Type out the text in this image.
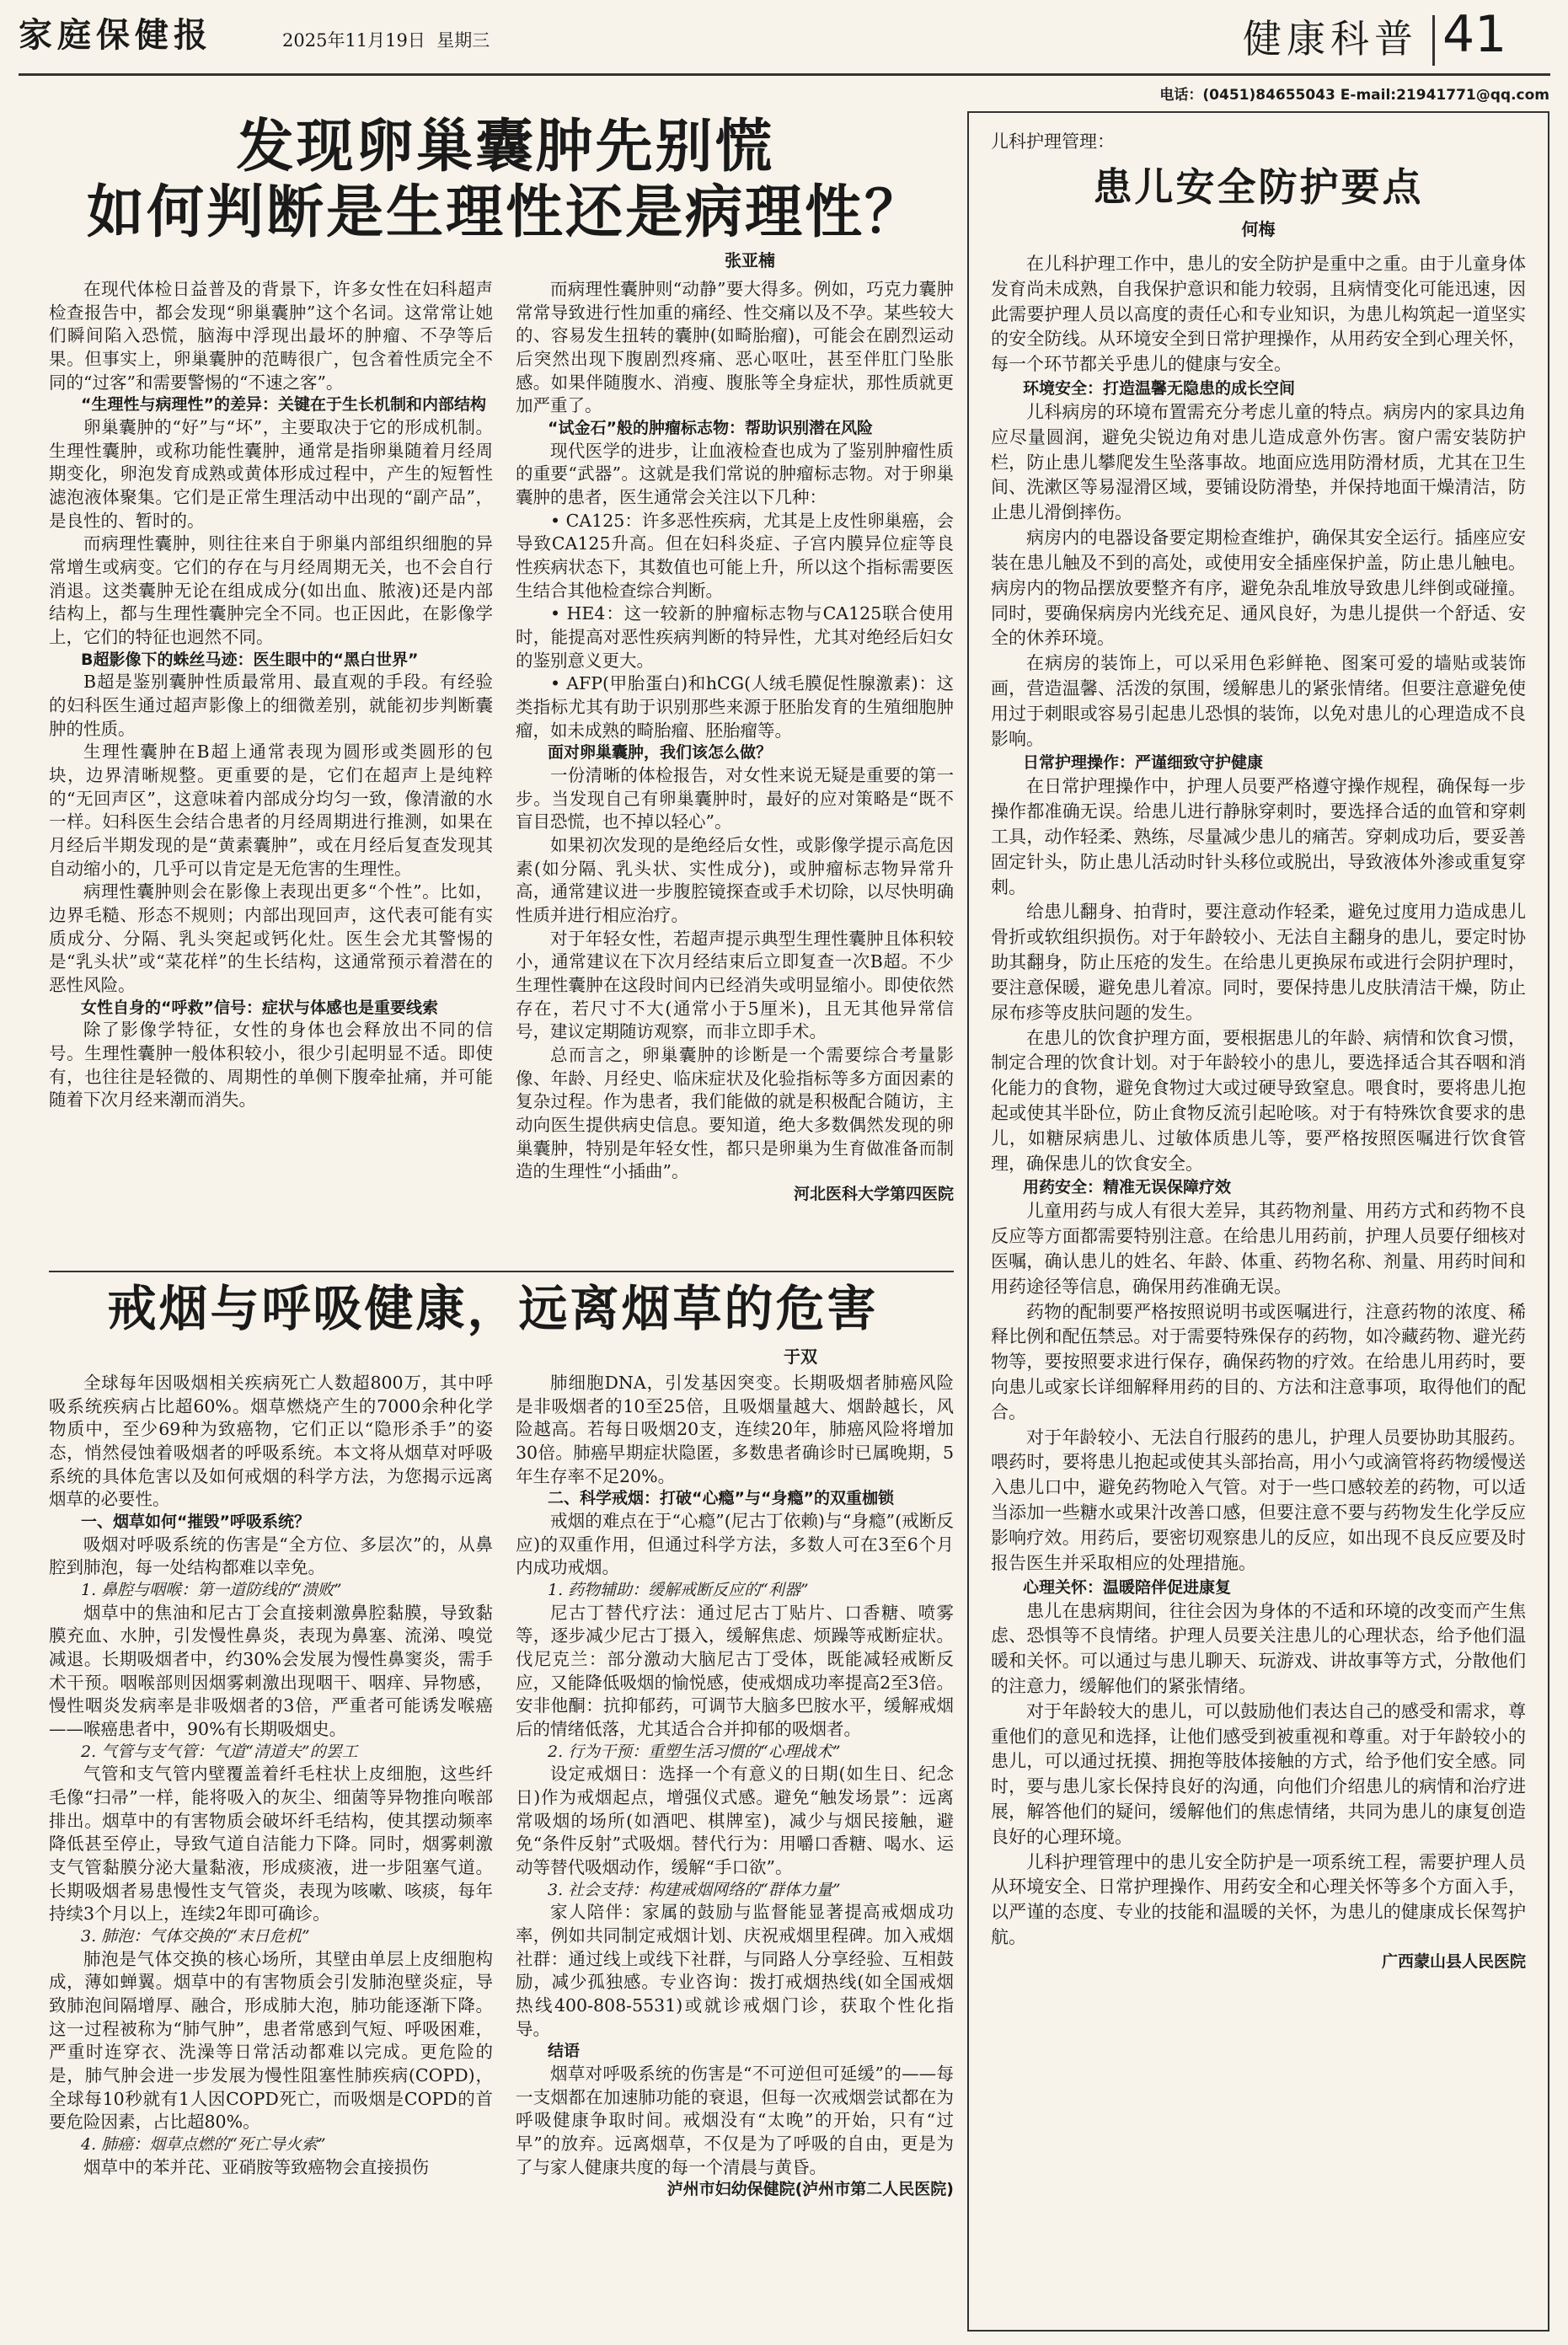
家庭保健报	2025年11月19日 星期三	健康科普 41
电话：(0451)84655043 E-mail:21941771@qq.com
发现卵巢囊肿先别慌
如何判断是生理性还是病理性？
张亚楠

在现代体检日益普及的背景下，许多女性在妇科超声检查报告中，都会发现“卵巢囊肿”这个名词。这常常让她们瞬间陷入恐慌，脑海中浮现出最坏的肿瘤、不孕等后果。但事实上，卵巢囊肿的范畴很广，包含着性质完全不同的“过客”和需要警惕的“不速之客”。

“生理性与病理性”的差异：关键在于生长机制和内部结构

卵巢囊肿的“好”与“坏”，主要取决于它的形成机制。生理性囊肿，或称功能性囊肿，通常是指卵巢随着月经周期变化，卵泡发育成熟或黄体形成过程中，产生的短暂性滤泡液体聚集。它们是正常生理活动中出现的“副产品”，是良性的、暂时的。

而病理性囊肿，则往往来自于卵巢内部组织细胞的异常增生或病变。它们的存在与月经周期无关，也不会自行消退。这类囊肿无论在组成成分(如出血、脓液)还是内部结构上，都与生理性囊肿完全不同。也正因此，在影像学上，它们的特征也迥然不同。

B超影像下的蛛丝马迹：医生眼中的“黑白世界”

B超是鉴别囊肿性质最常用、最直观的手段。有经验的妇科医生通过超声影像上的细微差别，就能初步判断囊肿的性质。

生理性囊肿在B超上通常表现为圆形或类圆形的包块，边界清晰规整。更重要的是，它们在超声上是纯粹的“无回声区”，这意味着内部成分均匀一致，像清澈的水一样。妇科医生会结合患者的月经周期进行推测，如果在月经后半期发现的是“黄素囊肿”，或在月经后复查发现其自动缩小的，几乎可以肯定是无危害的生理性。

病理性囊肿则会在影像上表现出更多“个性”。比如，边界毛糙、形态不规则；内部出现回声，这代表可能有实质成分、分隔、乳头突起或钙化灶。医生会尤其警惕的是“乳头状”或“菜花样”的生长结构，这通常预示着潜在的恶性风险。

女性自身的“呼救”信号：症状与体感也是重要线索

除了影像学特征，女性的身体也会释放出不同的信号。生理性囊肿一般体积较小，很少引起明显不适。即使有，也往往是轻微的、周期性的单侧下腹牵扯痛，并可能随着下次月经来潮而消失。

而病理性囊肿则“动静”要大得多。例如，巧克力囊肿常常导致进行性加重的痛经、性交痛以及不孕。某些较大的、容易发生扭转的囊肿(如畸胎瘤)，可能会在剧烈运动后突然出现下腹剧烈疼痛、恶心呕吐，甚至伴肛门坠胀感。如果伴随腹水、消瘦、腹胀等全身症状，那性质就更加严重了。

“试金石”般的肿瘤标志物：帮助识别潜在风险

现代医学的进步，让血液检查也成为了鉴别肿瘤性质的重要“武器”。这就是我们常说的肿瘤标志物。对于卵巢囊肿的患者，医生通常会关注以下几种：

• CA125：许多恶性疾病，尤其是上皮性卵巢癌，会导致CA125升高。但在妇科炎症、子宫内膜异位症等良性疾病状态下，其数值也可能上升，所以这个指标需要医生结合其他检查综合判断。

• HE4：这一较新的肿瘤标志物与CA125联合使用时，能提高对恶性疾病判断的特异性，尤其对绝经后妇女的鉴别意义更大。

• AFP(甲胎蛋白)和hCG(人绒毛膜促性腺激素)：这类指标尤其有助于识别那些来源于胚胎发育的生殖细胞肿瘤，如未成熟的畸胎瘤、胚胎瘤等。

面对卵巢囊肿，我们该怎么做？

一份清晰的体检报告，对女性来说无疑是重要的第一步。当发现自己有卵巢囊肿时，最好的应对策略是“既不盲目恐慌，也不掉以轻心”。

如果初次发现的是绝经后女性，或影像学提示高危因素(如分隔、乳头状、实性成分)，或肿瘤标志物异常升高，通常建议进一步腹腔镜探查或手术切除，以尽快明确性质并进行相应治疗。

对于年轻女性，若超声提示典型生理性囊肿且体积较小，通常建议在下次月经结束后立即复查一次B超。不少生理性囊肿在这段时间内已经消失或明显缩小。即使依然存在，若尺寸不大(通常小于5厘米)，且无其他异常信号，建议定期随访观察，而非立即手术。

总而言之，卵巢囊肿的诊断是一个需要综合考量影像、年龄、月经史、临床症状及化验指标等多方面因素的复杂过程。作为患者，我们能做的就是积极配合随访，主动向医生提供病史信息。要知道，绝大多数偶然发现的卵巢囊肿，特别是年轻女性，都只是卵巢为生育做准备而制造的生理性“小插曲”。

河北医科大学第四医院

戒烟与呼吸健康，远离烟草的危害
于双

全球每年因吸烟相关疾病死亡人数超800万，其中呼吸系统疾病占比超60%。烟草燃烧产生的7000余种化学物质中，至少69种为致癌物，它们正以“隐形杀手”的姿态，悄然侵蚀着吸烟者的呼吸系统。本文将从烟草对呼吸系统的具体危害以及如何戒烟的科学方法，为您揭示远离烟草的必要性。

一、烟草如何“摧毁”呼吸系统？

吸烟对呼吸系统的伤害是“全方位、多层次”的，从鼻腔到肺泡，每一处结构都难以幸免。

1. 鼻腔与咽喉：第一道防线的“溃败”

烟草中的焦油和尼古丁会直接刺激鼻腔黏膜，导致黏膜充血、水肿，引发慢性鼻炎，表现为鼻塞、流涕、嗅觉减退。长期吸烟者中，约30%会发展为慢性鼻窦炎，需手术干预。咽喉部则因烟雾刺激出现咽干、咽痒、异物感，慢性咽炎发病率是非吸烟者的3倍，严重者可能诱发喉癌——喉癌患者中，90%有长期吸烟史。

2. 气管与支气管：气道“清道夫”的罢工

气管和支气管内壁覆盖着纤毛柱状上皮细胞，这些纤毛像“扫帚”一样，能将吸入的灰尘、细菌等异物推向喉部排出。烟草中的有害物质会破坏纤毛结构，使其摆动频率降低甚至停止，导致气道自洁能力下降。同时，烟雾刺激支气管黏膜分泌大量黏液，形成痰液，进一步阻塞气道。长期吸烟者易患慢性支气管炎，表现为咳嗽、咳痰，每年持续3个月以上，连续2年即可确诊。

3. 肺泡：气体交换的“末日危机”

肺泡是气体交换的核心场所，其壁由单层上皮细胞构成，薄如蝉翼。烟草中的有害物质会引发肺泡壁炎症，导致肺泡间隔增厚、融合，形成肺大泡，肺功能逐渐下降。这一过程被称为“肺气肿”，患者常感到气短、呼吸困难，严重时连穿衣、洗澡等日常活动都难以完成。更危险的是，肺气肿会进一步发展为慢性阻塞性肺疾病(COPD)，全球每10秒就有1人因COPD死亡，而吸烟是COPD的首要危险因素，占比超80%。

4. 肺癌：烟草点燃的“死亡导火索”

烟草中的苯并芘、亚硝胺等致癌物会直接损伤

肺细胞DNA，引发基因突变。长期吸烟者肺癌风险是非吸烟者的10至25倍，且吸烟量越大、烟龄越长，风险越高。若每日吸烟20支，连续20年，肺癌风险将增加30倍。肺癌早期症状隐匿，多数患者确诊时已属晚期，5年生存率不足20%。

二、科学戒烟：打破“心瘾”与“身瘾”的双重枷锁

戒烟的难点在于“心瘾”(尼古丁依赖)与“身瘾”(戒断反应)的双重作用，但通过科学方法，多数人可在3至6个月内成功戒烟。

1. 药物辅助：缓解戒断反应的“利器”

尼古丁替代疗法：通过尼古丁贴片、口香糖、喷雾等，逐步减少尼古丁摄入，缓解焦虑、烦躁等戒断症状。伐尼克兰：部分激动大脑尼古丁受体，既能减轻戒断反应，又能降低吸烟的愉悦感，使戒烟成功率提高2至3倍。安非他酮：抗抑郁药，可调节大脑多巴胺水平，缓解戒烟后的情绪低落，尤其适合合并抑郁的吸烟者。

2. 行为干预：重塑生活习惯的“心理战术”

设定戒烟日：选择一个有意义的日期(如生日、纪念日)作为戒烟起点，增强仪式感。避免“触发场景”：远离常吸烟的场所(如酒吧、棋牌室)，减少与烟民接触，避免“条件反射”式吸烟。替代行为：用嚼口香糖、喝水、运动等替代吸烟动作，缓解“手口欲”。

3. 社会支持：构建戒烟网络的“群体力量”

家人陪伴：家属的鼓励与监督能显著提高戒烟成功率，例如共同制定戒烟计划、庆祝戒烟里程碑。加入戒烟社群：通过线上或线下社群，与同路人分享经验、互相鼓励，减少孤独感。专业咨询：拨打戒烟热线(如全国戒烟热线400-808-5531)或就诊戒烟门诊，获取个性化指导。

结语

烟草对呼吸系统的伤害是“不可逆但可延缓”的——每一支烟都在加速肺功能的衰退，但每一次戒烟尝试都在为呼吸健康争取时间。戒烟没有“太晚”的开始，只有“过早”的放弃。远离烟草，不仅是为了呼吸的自由，更是为了与家人健康共度的每一个清晨与黄昏。

泸州市妇幼保健院(泸州市第二人民医院)

儿科护理管理：
患儿安全防护要点
何梅

在儿科护理工作中，患儿的安全防护是重中之重。由于儿童身体发育尚未成熟，自我保护意识和能力较弱，且病情变化可能迅速，因此需要护理人员以高度的责任心和专业知识，为患儿构筑起一道坚实的安全防线。从环境安全到日常护理操作，从用药安全到心理关怀，每一个环节都关乎患儿的健康与安全。

环境安全：打造温馨无隐患的成长空间

儿科病房的环境布置需充分考虑儿童的特点。病房内的家具边角应尽量圆润，避免尖锐边角对患儿造成意外伤害。窗户需安装防护栏，防止患儿攀爬发生坠落事故。地面应选用防滑材质，尤其在卫生间、洗漱区等易湿滑区域，要铺设防滑垫，并保持地面干燥清洁，防止患儿滑倒摔伤。

病房内的电器设备要定期检查维护，确保其安全运行。插座应安装在患儿触及不到的高处，或使用安全插座保护盖，防止患儿触电。病房内的物品摆放要整齐有序，避免杂乱堆放导致患儿绊倒或碰撞。同时，要确保病房内光线充足、通风良好，为患儿提供一个舒适、安全的休养环境。

在病房的装饰上，可以采用色彩鲜艳、图案可爱的墙贴或装饰画，营造温馨、活泼的氛围，缓解患儿的紧张情绪。但要注意避免使用过于刺眼或容易引起患儿恐惧的装饰，以免对患儿的心理造成不良影响。

日常护理操作：严谨细致守护健康

在日常护理操作中，护理人员要严格遵守操作规程，确保每一步操作都准确无误。给患儿进行静脉穿刺时，要选择合适的血管和穿刺工具，动作轻柔、熟练，尽量减少患儿的痛苦。穿刺成功后，要妥善固定针头，防止患儿活动时针头移位或脱出，导致液体外渗或重复穿刺。

给患儿翻身、拍背时，要注意动作轻柔，避免过度用力造成患儿骨折或软组织损伤。对于年龄较小、无法自主翻身的患儿，要定时协助其翻身，防止压疮的发生。在给患儿更换尿布或进行会阴护理时，要注意保暖，避免患儿着凉。同时，要保持患儿皮肤清洁干燥，防止尿布疹等皮肤问题的发生。

在患儿的饮食护理方面，要根据患儿的年龄、病情和饮食习惯，制定合理的饮食计划。对于年龄较小的患儿，要选择适合其吞咽和消化能力的食物，避免食物过大或过硬导致窒息。喂食时，要将患儿抱起或使其半卧位，防止食物反流引起呛咳。对于有特殊饮食要求的患儿，如糖尿病患儿、过敏体质患儿等，要严格按照医嘱进行饮食管理，确保患儿的饮食安全。

用药安全：精准无误保障疗效

儿童用药与成人有很大差异，其药物剂量、用药方式和药物不良反应等方面都需要特别注意。在给患儿用药前，护理人员要仔细核对医嘱，确认患儿的姓名、年龄、体重、药物名称、剂量、用药时间和用药途径等信息，确保用药准确无误。

药物的配制要严格按照说明书或医嘱进行，注意药物的浓度、稀释比例和配伍禁忌。对于需要特殊保存的药物，如冷藏药物、避光药物等，要按照要求进行保存，确保药物的疗效。在给患儿用药时，要向患儿或家长详细解释用药的目的、方法和注意事项，取得他们的配合。

对于年龄较小、无法自行服药的患儿，护理人员要协助其服药。喂药时，要将患儿抱起或使其头部抬高，用小勺或滴管将药物缓慢送入患儿口中，避免药物呛入气管。对于一些口感较差的药物，可以适当添加一些糖水或果汁改善口感，但要注意不要与药物发生化学反应影响疗效。用药后，要密切观察患儿的反应，如出现不良反应要及时报告医生并采取相应的处理措施。

心理关怀：温暖陪伴促进康复

患儿在患病期间，往往会因为身体的不适和环境的改变而产生焦虑、恐惧等不良情绪。护理人员要关注患儿的心理状态，给予他们温暖和关怀。可以通过与患儿聊天、玩游戏、讲故事等方式，分散他们的注意力，缓解他们的紧张情绪。

对于年龄较大的患儿，可以鼓励他们表达自己的感受和需求，尊重他们的意见和选择，让他们感受到被重视和尊重。对于年龄较小的患儿，可以通过抚摸、拥抱等肢体接触的方式，给予他们安全感。同时，要与患儿家长保持良好的沟通，向他们介绍患儿的病情和治疗进展，解答他们的疑问，缓解他们的焦虑情绪，共同为患儿的康复创造良好的心理环境。

儿科护理管理中的患儿安全防护是一项系统工程，需要护理人员从环境安全、日常护理操作、用药安全和心理关怀等多个方面入手，以严谨的态度、专业的技能和温暖的关怀，为患儿的健康成长保驾护航。

广西蒙山县人民医院
